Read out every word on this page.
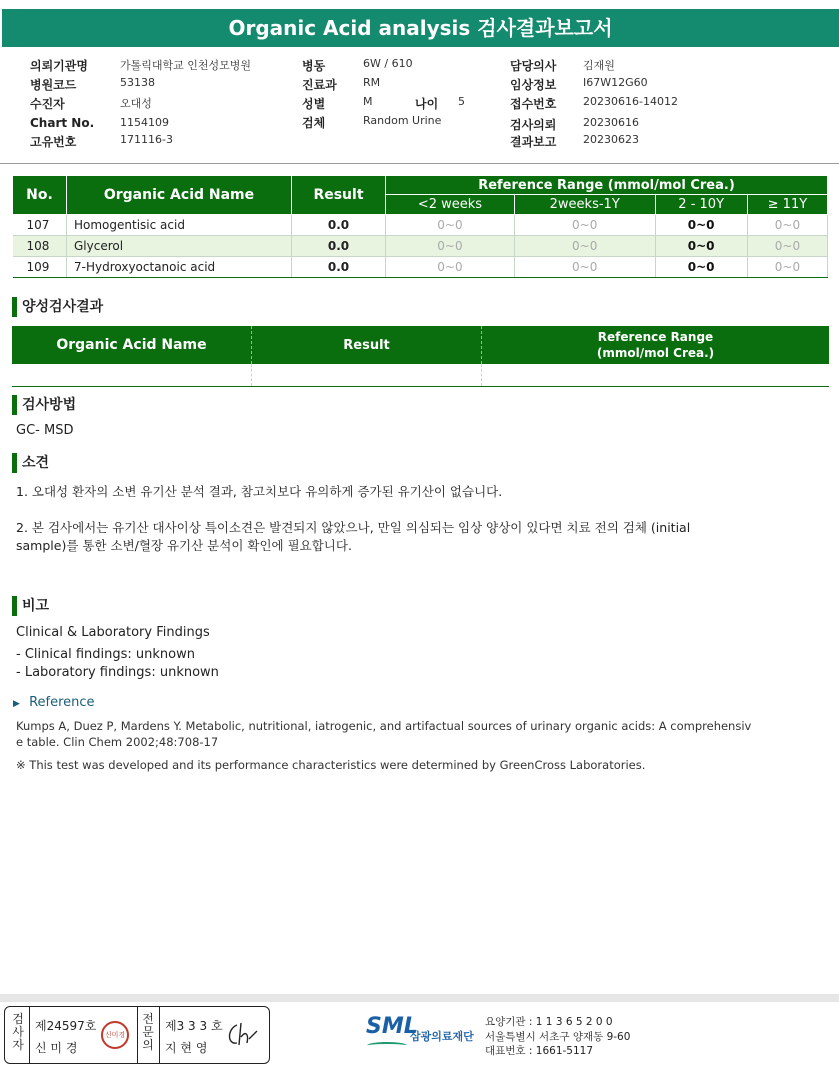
Organic Acid analysis 검사결과보고서
의뢰기관명	가톨릭대학교 인천성모병원
병원코드	53138
수진자	오대성
Chart No. 1154109
고유번호	171116-3
병동	6W / 610
진료과 RM
성별	M	나이 5
검체	Random Urine
담당의사 김재원
임상정보 I67W12G60
접수번호 20230616-14012
검사의뢰 20230616
결과보고 20230623
No.	Organic Acid Name	Result	Reference Range (mmol/mol Crea.)			
			<2 weeks	2weeks-1Y	2 - 10Y	≥ 11Y
107	Homogentisic acid	0.0	0~0	0~0	0~0	0~0
108	Glycerol	0.0	0~0	0~0	0~0	0~0
109	7-Hydroxyoctanoic acid	0.0	0~0	0~0	0~0	0~0
양성검사결과
Organic Acid Name	Result	Reference Range
(mmol/mol Crea.)

검사방법
GC- MSD
소견
1. 오대성 환자의 소변 유기산 분석 결과, 참고치보다 유의하게 증가된 유기산이 없습니다.
2. 본 검사에서는 유기산 대사이상 특이소견은 발견되지 않았으나, 만일 의심되는 임상 양상이 있다면 치료 전의 검체 (initial
sample)를 통한 소변/혈장 유기산 분석이 확인에 필요합니다.
비고
Clinical & Laboratory Findings
- Clinical findings: unknown
- Laboratory findings: unknown
▶ Reference
Kumps A, Duez P, Mardens Y. Metabolic, nutritional, iatrogenic, and artifactual sources of urinary organic acids: A comprehensiv
e table. Clin Chem 2002;48:708-17
※ This test was developed and its performance characteristics were determined by GreenCross Laboratories.
검사자
제24597호
신 미 경
신미경
전문의
제3 3 3 호
지 현 영
SML
삼광의료재단
요양기관 : 1 1 3 6 5 2 0 0
서울특별시 서초구 양재동 9-60
대표번호 : 1661-5117
